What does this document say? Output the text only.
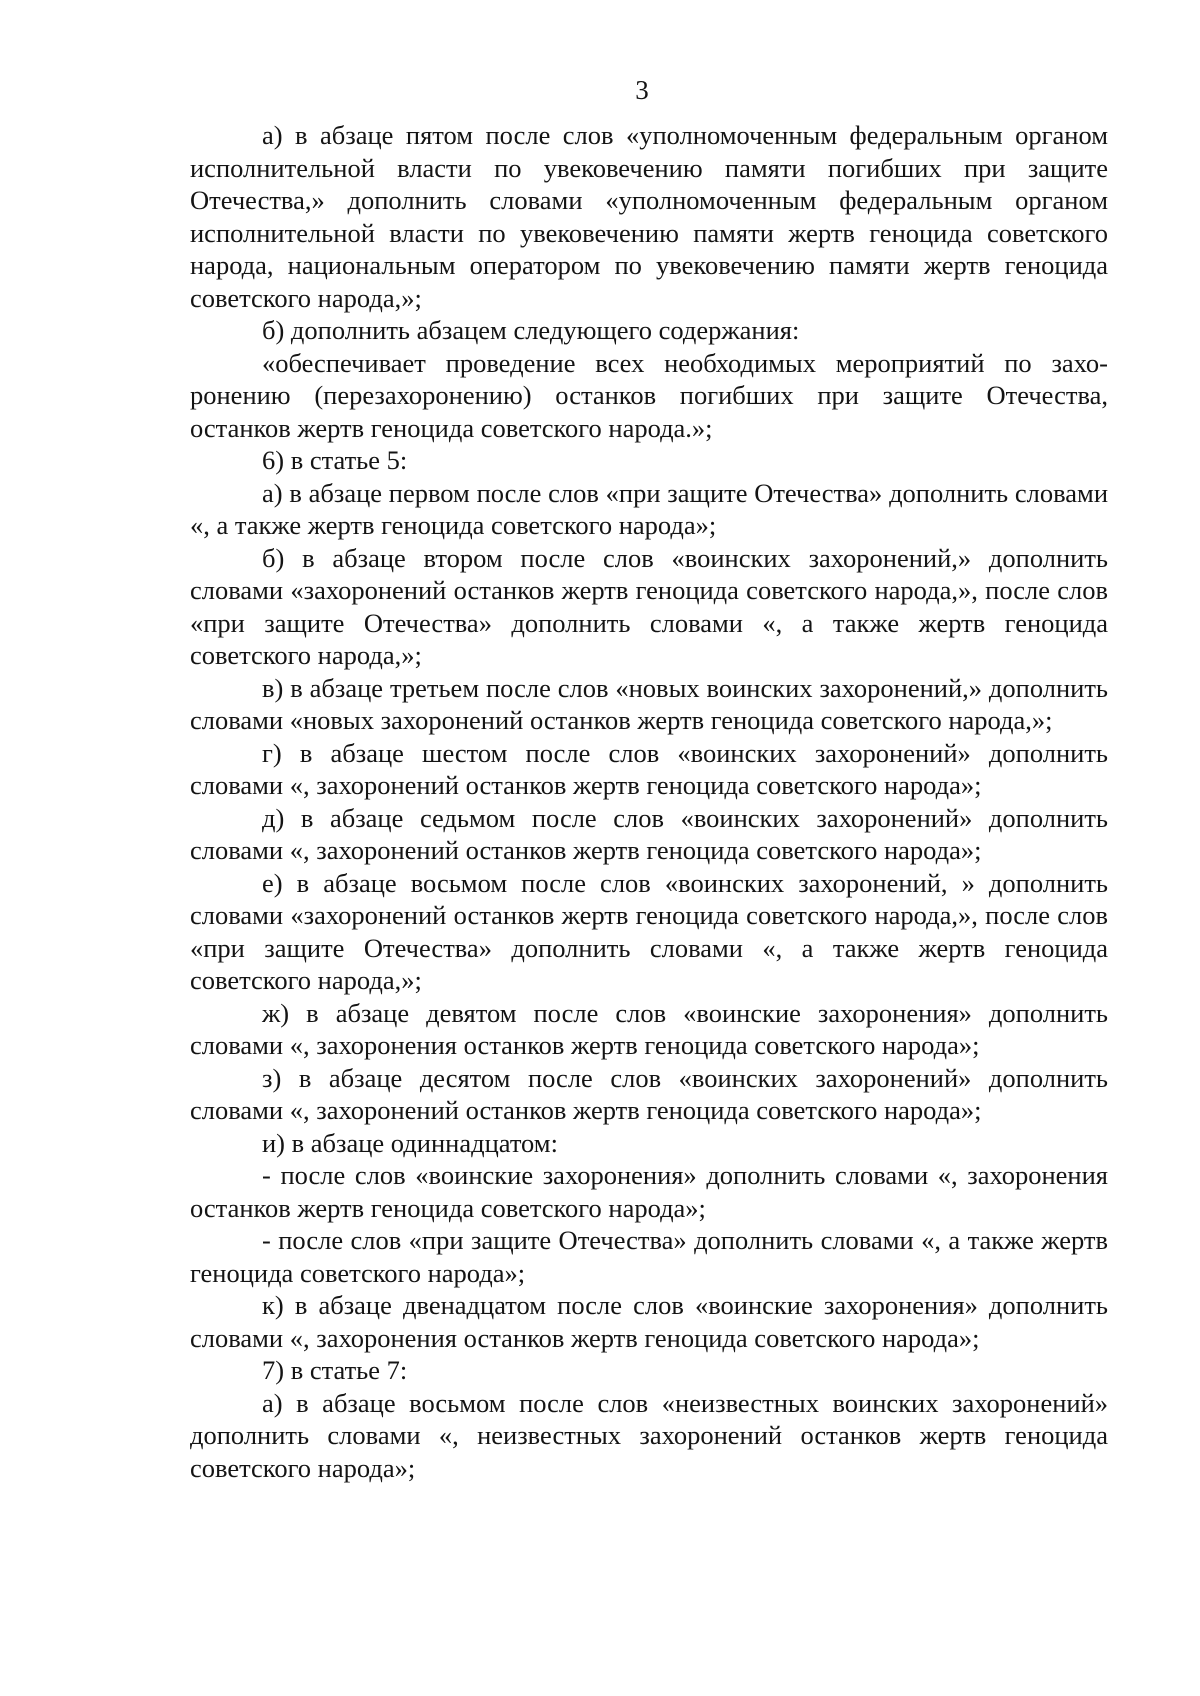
3

а) в абзаце пятом после слов «уполномоченным федеральным органом исполнительной власти по увековечению памяти погибших при защите Отечества,» дополнить словами «уполномоченным федеральным органом исполнительной власти по увековечению памяти жертв геноцида советского народа, национальным оператором по увековечению памяти жертв геноцида советского народа,»;

б) дополнить абзацем следующего содержания:

«обеспечивает проведение всех необходимых мероприятий по захоронению (перезахоронению) останков погибших при защите Отечества, останков жертв геноцида советского народа.»;

6) в статье 5:

а) в абзаце первом после слов «при защите Отечества» дополнить словами «, а также жертв геноцида советского народа»;

б) в абзаце втором после слов «воинских захоронений,» дополнить словами «захоронений останков жертв геноцида советского народа,», после слов «при защите Отечества» дополнить словами «, а также жертв геноцида советского народа,»;

в) в абзаце третьем после слов «новых воинских захоронений,» дополнить словами «новых захоронений останков жертв геноцида советского народа,»;

г) в абзаце шестом после слов «воинских захоронений» дополнить словами «, захоронений останков жертв геноцида советского народа»;

д) в абзаце седьмом после слов «воинских захоронений» дополнить словами «, захоронений останков жертв геноцида советского народа»;

е) в абзаце восьмом после слов «воинских захоронений, » дополнить словами «захоронений останков жертв геноцида советского народа,», после слов «при защите Отечества» дополнить словами «, а также жертв геноцида советского народа,»;

ж) в абзаце девятом после слов «воинские захоронения» дополнить словами «, захоронения останков жертв геноцида советского народа»;

з) в абзаце десятом после слов «воинских захоронений» дополнить словами «, захоронений останков жертв геноцида советского народа»;

и) в абзаце одиннадцатом:

- после слов «воинские захоронения» дополнить словами «, захоронения останков жертв геноцида советского народа»;

- после слов «при защите Отечества» дополнить словами «, а также жертв геноцида советского народа»;

к) в абзаце двенадцатом после слов «воинские захоронения» дополнить словами «, захоронения останков жертв геноцида советского народа»;

7) в статье 7:

а) в абзаце восьмом после слов «неизвестных воинских захоронений» дополнить словами «, неизвестных захоронений останков жертв геноцида советского народа»;
